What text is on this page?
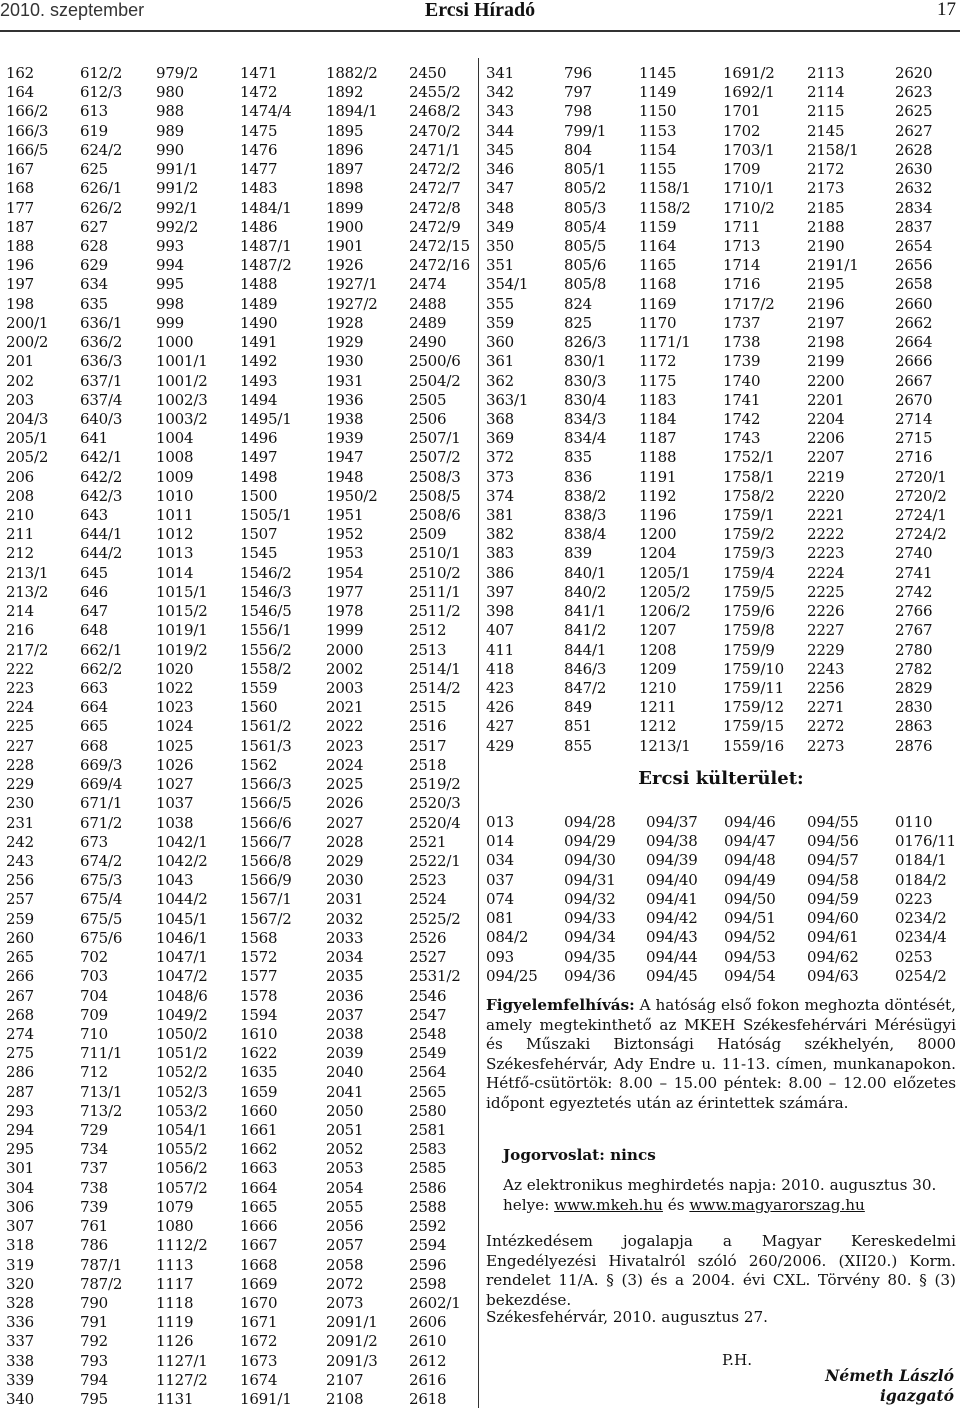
2010. szeptember	Ercsi Híradó	17
162
164
166/2
166/3
166/5
167
168
177
187
188
196
197
198
200/1
200/2
201
202
203
204/3
205/1
205/2
206
208
210
211
212
213/1
213/2
214
216
217/2
222
223
224
225
227
228
229
230
231
242
243
256
257
259
260
265
266
267
268
274
275
286
287
293
294
295
301
304
306
307
318
319
320
328
336
337
338
339
340
612/2
612/3
613
619
624/2
625
626/1
626/2
627
628
629
634
635
636/1
636/2
636/3
637/1
637/4
640/3
641
642/1
642/2
642/3
643
644/1
644/2
645
646
647
648
662/1
662/2
663
664
665
668
669/3
669/4
671/1
671/2
673
674/2
675/3
675/4
675/5
675/6
702
703
704
709
710
711/1
712
713/1
713/2
729
734
737
738
739
761
786
787/1
787/2
790
791
792
793
794
795
979/2
980
988
989
990
991/1
991/2
992/1
992/2
993
994
995
998
999
1000
1001/1
1001/2
1002/3
1003/2
1004
1008
1009
1010
1011
1012
1013
1014
1015/1
1015/2
1019/1
1019/2
1020
1022
1023
1024
1025
1026
1027
1037
1038
1042/1
1042/2
1043
1044/2
1045/1
1046/1
1047/1
1047/2
1048/6
1049/2
1050/2
1051/2
1052/2
1052/3
1053/2
1054/1
1055/2
1056/2
1057/2
1079
1080
1112/2
1113
1117
1118
1119
1126
1127/1
1127/2
1131
1471
1472
1474/4
1475
1476
1477
1483
1484/1
1486
1487/1
1487/2
1488
1489
1490
1491
1492
1493
1494
1495/1
1496
1497
1498
1500
1505/1
1507
1545
1546/2
1546/3
1546/5
1556/1
1556/2
1558/2
1559
1560
1561/2
1561/3
1562
1566/3
1566/5
1566/6
1566/7
1566/8
1566/9
1567/1
1567/2
1568
1572
1577
1578
1594
1610
1622
1635
1659
1660
1661
1662
1663
1664
1665
1666
1667
1668
1669
1670
1671
1672
1673
1674
1691/1
1882/2
1892
1894/1
1895
1896
1897
1898
1899
1900
1901
1926
1927/1
1927/2
1928
1929
1930
1931
1936
1938
1939
1947
1948
1950/2
1951
1952
1953
1954
1977
1978
1999
2000
2002
2003
2021
2022
2023
2024
2025
2026
2027
2028
2029
2030
2031
2032
2033
2034
2035
2036
2037
2038
2039
2040
2041
2050
2051
2052
2053
2054
2055
2056
2057
2058
2072
2073
2091/1
2091/2
2091/3
2107
2108
2450
2455/2
2468/2
2470/2
2471/1
2472/2
2472/7
2472/8
2472/9
2472/15
2472/16
2474
2488
2489
2490
2500/6
2504/2
2505
2506
2507/1
2507/2
2508/3
2508/5
2508/6
2509
2510/1
2510/2
2511/1
2511/2
2512
2513
2514/1
2514/2
2515
2516
2517
2518
2519/2
2520/3
2520/4
2521
2522/1
2523
2524
2525/2
2526
2527
2531/2
2546
2547
2548
2549
2564
2565
2580
2581
2583
2585
2586
2588
2592
2594
2596
2598
2602/1
2606
2610
2612
2616
2618
341
342
343
344
345
346
347
348
349
350
351
354/1
355
359
360
361
362
363/1
368
369
372
373
374
381
382
383
386
397
398
407
411
418
423
426
427
429
796
797
798
799/1
804
805/1
805/2
805/3
805/4
805/5
805/6
805/8
824
825
826/3
830/1
830/3
830/4
834/3
834/4
835
836
838/2
838/3
838/4
839
840/1
840/2
841/1
841/2
844/1
846/3
847/2
849
851
855
1145
1149
1150
1153
1154
1155
1158/1
1158/2
1159
1164
1165
1168
1169
1170
1171/1
1172
1175
1183
1184
1187
1188
1191
1192
1196
1200
1204
1205/1
1205/2
1206/2
1207
1208
1209
1210
1211
1212
1213/1
1691/2
1692/1
1701
1702
1703/1
1709
1710/1
1710/2
1711
1713
1714
1716
1717/2
1737
1738
1739
1740
1741
1742
1743
1752/1
1758/1
1758/2
1759/1
1759/2
1759/3
1759/4
1759/5
1759/6
1759/8
1759/9
1759/10
1759/11
1759/12
1759/15
1559/16
2113
2114
2115
2145
2158/1
2172
2173
2185
2188
2190
2191/1
2195
2196
2197
2198
2199
2200
2201
2204
2206
2207
2219
2220
2221
2222
2223
2224
2225
2226
2227
2229
2243
2256
2271
2272
2273
2620
2623
2625
2627
2628
2630
2632
2834
2837
2654
2656
2658
2660
2662
2664
2666
2667
2670
2714
2715
2716
2720/1
2720/2
2724/1
2724/2
2740
2741
2742
2766
2767
2780
2782
2829
2830
2863
2876
Ercsi külterület:
013
014
034
037
074
081
084/2
093
094/25
094/28
094/29
094/30
094/31
094/32
094/33
094/34
094/35
094/36
094/37
094/38
094/39
094/40
094/41
094/42
094/43
094/44
094/45
094/46
094/47
094/48
094/49
094/50
094/51
094/52
094/53
094/54
094/55
094/56
094/57
094/58
094/59
094/60
094/61
094/62
094/63
0110
0176/11
0184/1
0184/2
0223
0234/2
0234/4
0253
0254/2
Figyelemfelhívás: A hatóság első fokon meghozta döntését, amely megtekinthető az MKEH Székesfehérvári Mérésügyi és Műszaki Biztonsági Hatóság székhelyén, 8000 Székesfehérvár, Ady Endre u. 11-13. címen, munkanapokon. Hétfő-csütörtök: 8.00 – 15.00 péntek: 8.00 – 12.00 előzetes időpont egyeztetés után az érintettek számára.
Jogorvoslat: nincs
Az elektronikus meghirdetés napja: 2010. augusztus 30.
helye: www.mkeh.hu és www.magyarorszag.hu
Intézkedésem jogalapja a Magyar Kereskedelmi Engedélyezési Hivatalról szóló 260/2006. (XII20.) Korm. rendelet 11/A. § (3) és a 2004. évi CXL. Törvény 80. § (3) bekezdése.
Székesfehérvár, 2010. augusztus 27.
P.H.
Németh László
igazgató
